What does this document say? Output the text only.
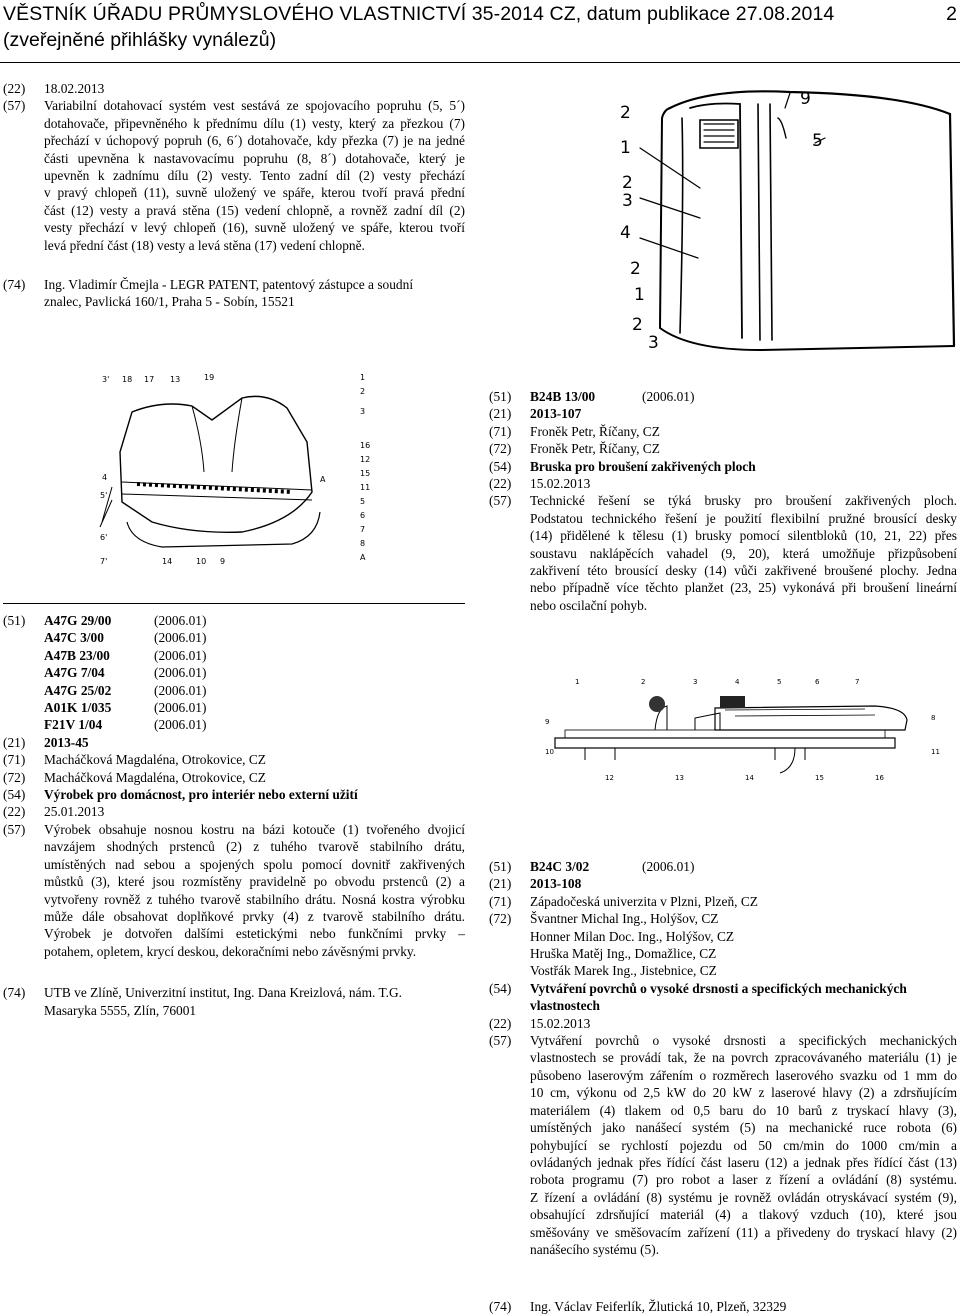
VĚSTNÍK ÚŘADU PRŮMYSLOVÉHO VLASTNICTVÍ 35-2014 CZ, datum publikace 27.08.2014
(zveřejněné přihlášky vynálezů)
2
(22)	18.02.2013
(57)	Variabilní dotahovací systém vest sestává ze spojovacího popruhu (5, 5´)
dotahovače, připevněného k přednímu dílu (1) vesty, který za přezkou (7)
přechází v úchopový popruh (6, 6´) dotahovače, kdy přezka (7) je na jedné
části upevněna k nastavovacímu popruhu (8, 8´) dotahovače, který je
upevněn k zadnímu dílu (2) vesty. Tento zadní díl (2) vesty přechází
v pravý chlopeň (11), suvně uložený ve spáře, kterou tvoří pravá přední
část (12) vesty a pravá stěna (15) vedení chlopně, a rovněž zadní díl (2)
vesty přechází v levý chlopeň (16), suvně uložený ve spáře, kterou tvoří
levá přední část (18) vesty a levá stěna (17) vedení chlopně.
(74)	Ing. Vladimír Čmejla - LEGR PATENT, patentový zástupce a soudní
znalec, Pavlická 160/1, Praha 5 - Sobín, 15521
2
9
1	5
2
3
4
2
1
2
3
3' 18 17 13	19	1
2
3
16
12
15
A
4
5'
6'
7'	14	10 9
11
5
6
7
8
A
(51)	A47G 29/00	(2006.01)
A47C 3/00	(2006.01)
A47B 23/00	(2006.01)
A47G 7/04	(2006.01)
A47G 25/02	(2006.01)
A01K 1/035	(2006.01)
F21V 1/04	(2006.01)
(21)	2013-45
(71)	Macháčková Magdaléna, Otrokovice, CZ
(72)	Macháčková Magdaléna, Otrokovice, CZ
(54)	Výrobek pro domácnost, pro interiér nebo externí užití
(22)	25.01.2013
(57)	Výrobek obsahuje nosnou kostru na bázi kotouče (1) tvořeného dvojicí
navzájem shodných prstenců (2) z tuhého tvarově stabilního drátu,
umístěných nad sebou a spojených spolu pomocí dovnitř zakřivených
můstků (3), které jsou rozmístěny pravidelně po obvodu prstenců (2) a
vytvořeny rovněž z tuhého tvarově stabilního drátu. Nosná kostra výrobku
může dále obsahovat doplňkové prvky (4) z tvarově stabilního drátu.
Výrobek je dotvořen dalšími estetickými nebo funkčními prvky –
potahem, opletem, krycí deskou, dekoračními nebo závěsnými prvky.
(74)	UTB ve Zlíně, Univerzitní institut, Ing. Dana Kreizlová, nám. T.G.
Masaryka 5555, Zlín, 76001
(51)	B24B 13/00	(2006.01)
(21)	2013-107
(71)	Froněk Petr, Říčany, CZ
(72)	Froněk Petr, Říčany, CZ
(54)	Bruska pro broušení zakřivených ploch
(22)	15.02.2013
(57)	Technické řešení se týká brusky pro broušení zakřivených ploch.
Podstatou technického řešení je použití flexibilní pružné brousící desky
(14) přidělené k tělesu (1) brusky pomocí silentbloků (10, 21, 22) přes
soustavu naklápěcích vahadel (9, 20), která umožňuje přizpůsobení
zakřivení této brousící desky (14) vůči zakřivené broušené plochy. Jedna
nebo případně více těchto planžet (23, 25) vykonává při broušení lineární
nebo oscilační pohyb.
1	2	3	4	5	6	7
8
9
10	11
12	13	14	15	16
(51)	B24C 3/02	(2006.01)
(21)	2013-108
(71)	Západočeská univerzita v Plzni, Plzeň, CZ
(72)	Švantner Michal Ing., Holýšov, CZ
Honner Milan Doc. Ing., Holýšov, CZ
Hruška Matěj Ing., Domažlice, CZ
Vostřák Marek Ing., Jistebnice, CZ
(54)	Vytváření povrchů o vysoké drsnosti a specifických mechanických
vlastnostech
(22)	15.02.2013
(57)	Vytváření povrchů o vysoké drsnosti a specifických mechanických
vlastnostech se provádí tak, že na povrch zpracovávaného materiálu (1) je
působeno laserovým zářením o rozměrech laserového svazku od 1 mm do
10 cm, výkonu od 2,5 kW do 20 kW z laserové hlavy (2) a zdrsňujícím
materiálem (4) tlakem od 0,5 baru do 10 barů z tryskací hlavy (3),
umístěných jako nanášecí systém (5) na mechanické ruce robota (6)
pohybující se rychlostí pojezdu od 50 cm/min do 1000 cm/min a
ovládaných jednak přes řídící část laseru (12) a jednak přes řídící část (13)
robota programu (7) pro robot a laser z řízení a ovládání (8) systému.
Z řízení a ovládání (8) systému je rovněž ovládán otryskávací systém (9),
obsahující zdrsňující materiál (4) a tlakový vzduch (10), které jsou
směšovány ve směšovacím zařízení (11) a přivedeny do tryskací hlavy (2)
nanášecího systému (5).
(74)	Ing. Václav Feiferlík, Žlutická 10, Plzeň, 32329
